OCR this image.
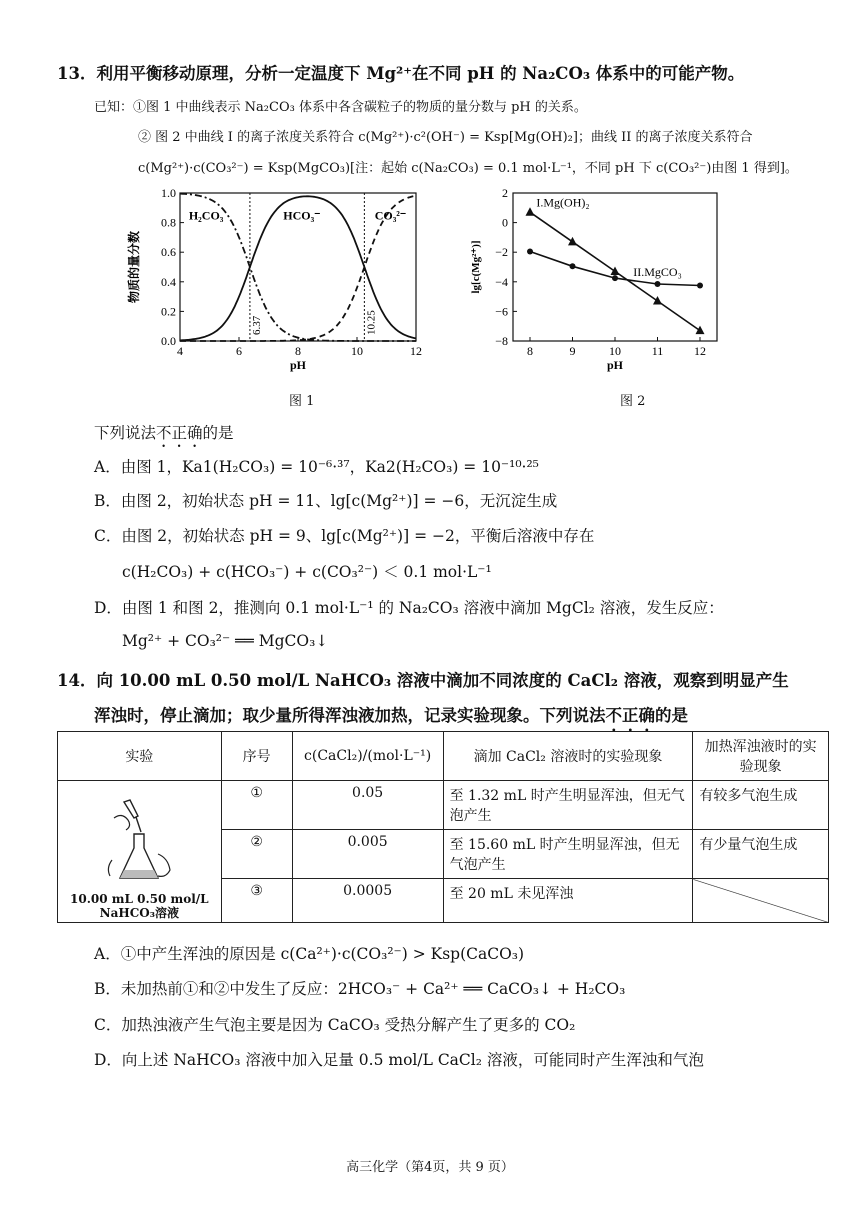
13．利用平衡移动原理，分析一定温度下 Mg²⁺在不同 pH 的 Na₂CO₃ 体系中的可能产物。
已知：①图 1 中曲线表示 Na₂CO₃ 体系中各含碳粒子的物质的量分数与 pH 的关系。
② 图 2 中曲线 I 的离子浓度关系符合 c(Mg²⁺)·c²(OH⁻) = Ksp[Mg(OH)₂]；曲线 II 的离子浓度关系符合
c(Mg²⁺)·c(CO₃²⁻) = Ksp(MgCO₃)[注：起始 c(Na₂CO₃) = 0.1 mol·L⁻¹，不同 pH 下 c(CO₃²⁻)由图 1 得到]。
4	6	8	10	12
0.0
0.2
0.4
0.6
0.8
1.0
pH
物质的量分数
6.37	10.25
H₂CO₃	HCO₃⁻	CO₃²⁻
8	9	10	11	12
2
0
−2
−4
−6
−8
pH
lg[c(Mg²⁺)]
I.Mg(OH)₂
II.MgCO₃
图 1	图 2
下列说法不正确的是
A．由图 1，Ka1(H₂CO₃) = 10⁻⁶·³⁷，Ka2(H₂CO₃) = 10⁻¹⁰·²⁵
B．由图 2，初始状态 pH = 11、lg[c(Mg²⁺)] = −6，无沉淀生成
C．由图 2，初始状态 pH = 9、lg[c(Mg²⁺)] = −2，平衡后溶液中存在
c(H₂CO₃) + c(HCO₃⁻) + c(CO₃²⁻) ＜ 0.1 mol·L⁻¹
D．由图 1 和图 2，推测向 0.1 mol·L⁻¹ 的 Na₂CO₃ 溶液中滴加 MgCl₂ 溶液，发生反应：
Mg²⁺ + CO₃²⁻ ══ MgCO₃↓
14．向 10.00 mL 0.50 mol/L NaHCO₃ 溶液中滴加不同浓度的 CaCl₂ 溶液，观察到明显产生
浑浊时，停止滴加；取少量所得浑浊液加热，记录实验现象。下列说法不正确的是
实验	序号	c(CaCl₂)/(mol·L⁻¹)	滴加 CaCl₂ 溶液时的实验现象	加热浑浊液时的实验现象

10.00 mL 0.50 mol/L NaHCO₃溶液	①	0.05	至 1.32 mL 时产生明显浑浊，但无气泡产生	有较多气泡生成
	②	0.005	至 15.60 mL 时产生明显浑浊，但无气泡产生	有少量气泡生成
	③	0.0005	至 20 mL 未见浑浊	
A．①中产生浑浊的原因是 c(Ca²⁺)·c(CO₃²⁻) > Ksp(CaCO₃)
B．未加热前①和②中发生了反应：2HCO₃⁻ + Ca²⁺ ══ CaCO₃↓ + H₂CO₃
C．加热浊液产生气泡主要是因为 CaCO₃ 受热分解产生了更多的 CO₂
D．向上述 NaHCO₃ 溶液中加入足量 0.5 mol/L CaCl₂ 溶液，可能同时产生浑浊和气泡
高三化学（第4页，共 9 页）
